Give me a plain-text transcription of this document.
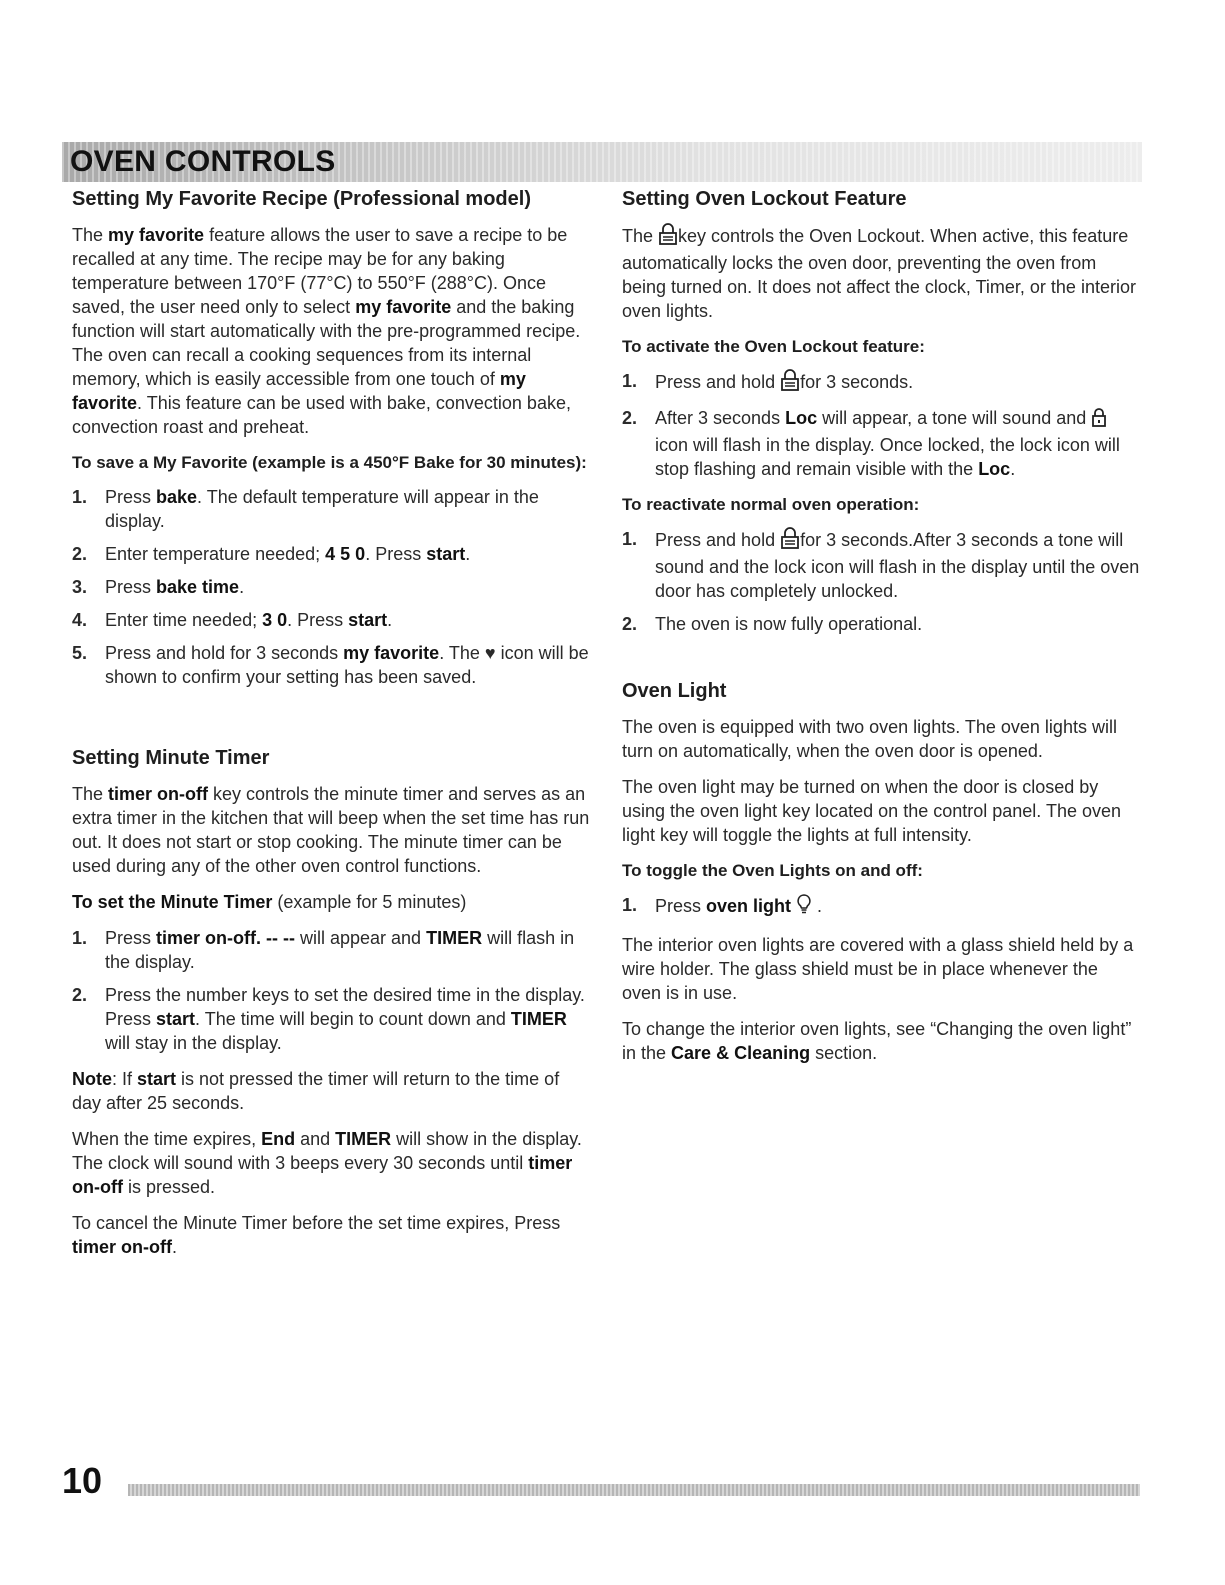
OVEN CONTROLS
Setting My Favorite Recipe (Professional model)

The my favorite feature allows the user to save a recipe to be recalled at any time. The recipe may be for any baking temperature between 170°F (77°C) to 550°F (288°C). Once saved, the user need only to select my favorite and the baking function will start automatically with the pre-programmed recipe. The oven can recall a cooking sequences from its internal memory, which is easily accessible from one touch of my favorite. This feature can be used with bake, convection bake, convection roast and preheat.

To save a My Favorite (example is a 450°F Bake for 30 minutes):
1. Press bake. The default temperature will appear in the display.
2. Enter temperature needed; 4 5 0. Press start.
3. Press bake time.
4. Enter time needed; 3 0. Press start.
5. Press and hold for 3 seconds my favorite. The ♥ icon will be shown to confirm your setting has been saved.
Setting Minute Timer

The timer on-off key controls the minute timer and serves as an extra timer in the kitchen that will beep when the set time has run out. It does not start or stop cooking. The minute timer can be used during any of the other oven control functions.

To set the Minute Timer (example for 5 minutes)

1. Press timer on-off. -- -- will appear and TIMER will flash in the display.
2. Press the number keys to set the desired time in the display. Press start. The time will begin to count down and TIMER will stay in the display.

Note: If start is not pressed the timer will return to the time of day after 25 seconds.

When the time expires, End and TIMER will show in the display. The clock will sound with 3 beeps every 30 seconds until timer on-off is pressed.

To cancel the Minute Timer before the set time expires, Press timer on-off.

Setting Oven Lockout Feature

The key controls the Oven Lockout. When active, this feature automatically locks the oven door, preventing the oven from being turned on. It does not affect the clock, Timer, or the interior oven lights.

To activate the Oven Lockout feature:
1. Press and hold for 3 seconds.
2. After 3 seconds Loc will appear, a tone will sound and  icon will flash in the display. Once locked, the lock icon will stop flashing and remain visible with the Loc.
To reactivate normal oven operation:
1. Press and hold for 3 seconds.After 3 seconds a tone will sound and the lock icon will flash in the display until the oven door has completely unlocked.
2. The oven is now fully operational.
Oven Light

The oven is equipped with two oven lights. The oven lights will turn on automatically, when the oven door is opened.

The oven light may be turned on when the door is closed by using the oven light key located on the control panel. The oven light key will toggle the lights at full intensity.

To toggle the Oven Lights on and off:
1. Press oven light  .

The interior oven lights are covered with a glass shield held by a wire holder. The glass shield must be in place whenever the oven is in use.

To change the interior oven lights, see “Changing the oven light” in the Care & Cleaning section.

10
